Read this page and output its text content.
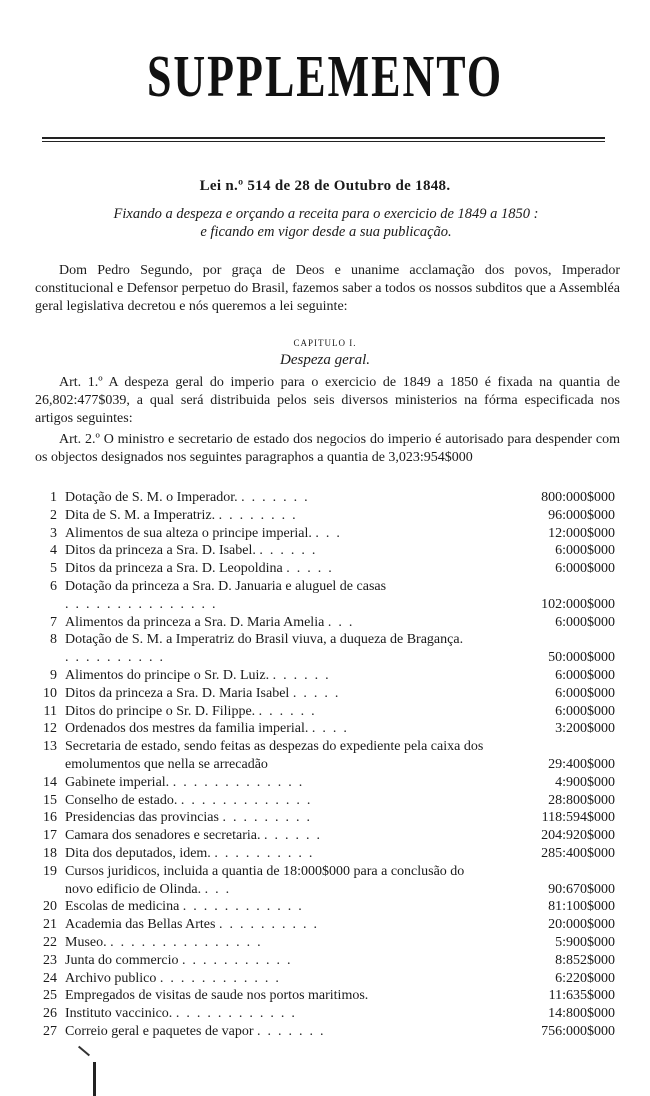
SUPPLEMENTO
Lei n.º 514 de 28 de Outubro de 1848.
Fixando a despeza e orçando a receita para o exercicio de 1849 a 1850 :
e ficando em vigor desde a sua publicação.
Dom Pedro Segundo, por graça de Deos e unanime acclamação dos povos, Imperador constitucional e Defensor perpetuo do Brasil, fazemos saber a todos os nossos subditos que a Assembléa geral legislativa decretou e nós queremos a lei seguinte:
CAPITULO I.
Despeza geral.
Art. 1.º A despeza geral do imperio para o exercicio de 1849 a 1850 é fixada na quantia de 26,802:477$039, a qual será distribuida pelos seis diversos ministerios na fórma especificada nos artigos seguintes:
Art. 2.º O ministro e secretario de estado dos negocios do imperio é autorisado para despender com os objectos designados nos seguintes paragraphos a quantia de 3,023:954$000
1 Dotação de S. M. o Imperador. .......	800:000$000
2 Dita de S. M. a Imperatriz. ........	96:000$000
3 Alimentos de sua alteza o principe imperial. ...	12:000$000
4 Ditos da princeza a Sra. D. Isabel. ......	6:000$000
5 Ditos da princeza a Sra. D. Leopoldina .....	6:000$000
6 Dotação da princeza a Sra. D. Januaria e aluguel de casas ...............	102:000$000
7 Alimentos da princeza a Sra. D. Maria Amelia ...	6:000$000
8 Dotação de S. M. a Imperatriz do Brasil viuva, a duqueza de Bragança. ..........	50:000$000
9 Alimentos do principe o Sr. D. Luiz. ......	6:000$000
10 Ditos da princeza a Sra. D. Maria Isabel .....	6:000$000
11 Ditos do principe o Sr. D. Filippe. ......	6:000$000
12 Ordenados dos mestres da familia imperial. ....	3:200$000
13 Secretaria de estado, sendo feitas as despezas do expediente pela caixa dos emolumentos que nella se arrecadão	29:400$000
14 Gabinete imperial. .............	4:900$000
15 Conselho de estado. .............	28:800$000
16 Presidencias das provincias .........	118:594$000
17 Camara dos senadores e secretaria. ......	204:920$000
18 Dita dos deputados, idem. ..........	285:400$000
19 Cursos juridicos, incluida a quantia de 18:000$000 para a conclusão do novo edificio de Olinda. ...	90:670$000
20 Escolas de medicina ............	81:100$000
21 Academia das Bellas Artes ..........	20:000$000
22 Museo. ...............	5:900$000
23 Junta do commercio ...........	8:852$000
24 Archivo publico ............	6:220$000
25 Empregados de visitas de saude nos portos maritimos.	11:635$000
26 Instituto vaccinico. ............	14:800$000
27 Correio geral e paquetes de vapor .......	756:000$000
